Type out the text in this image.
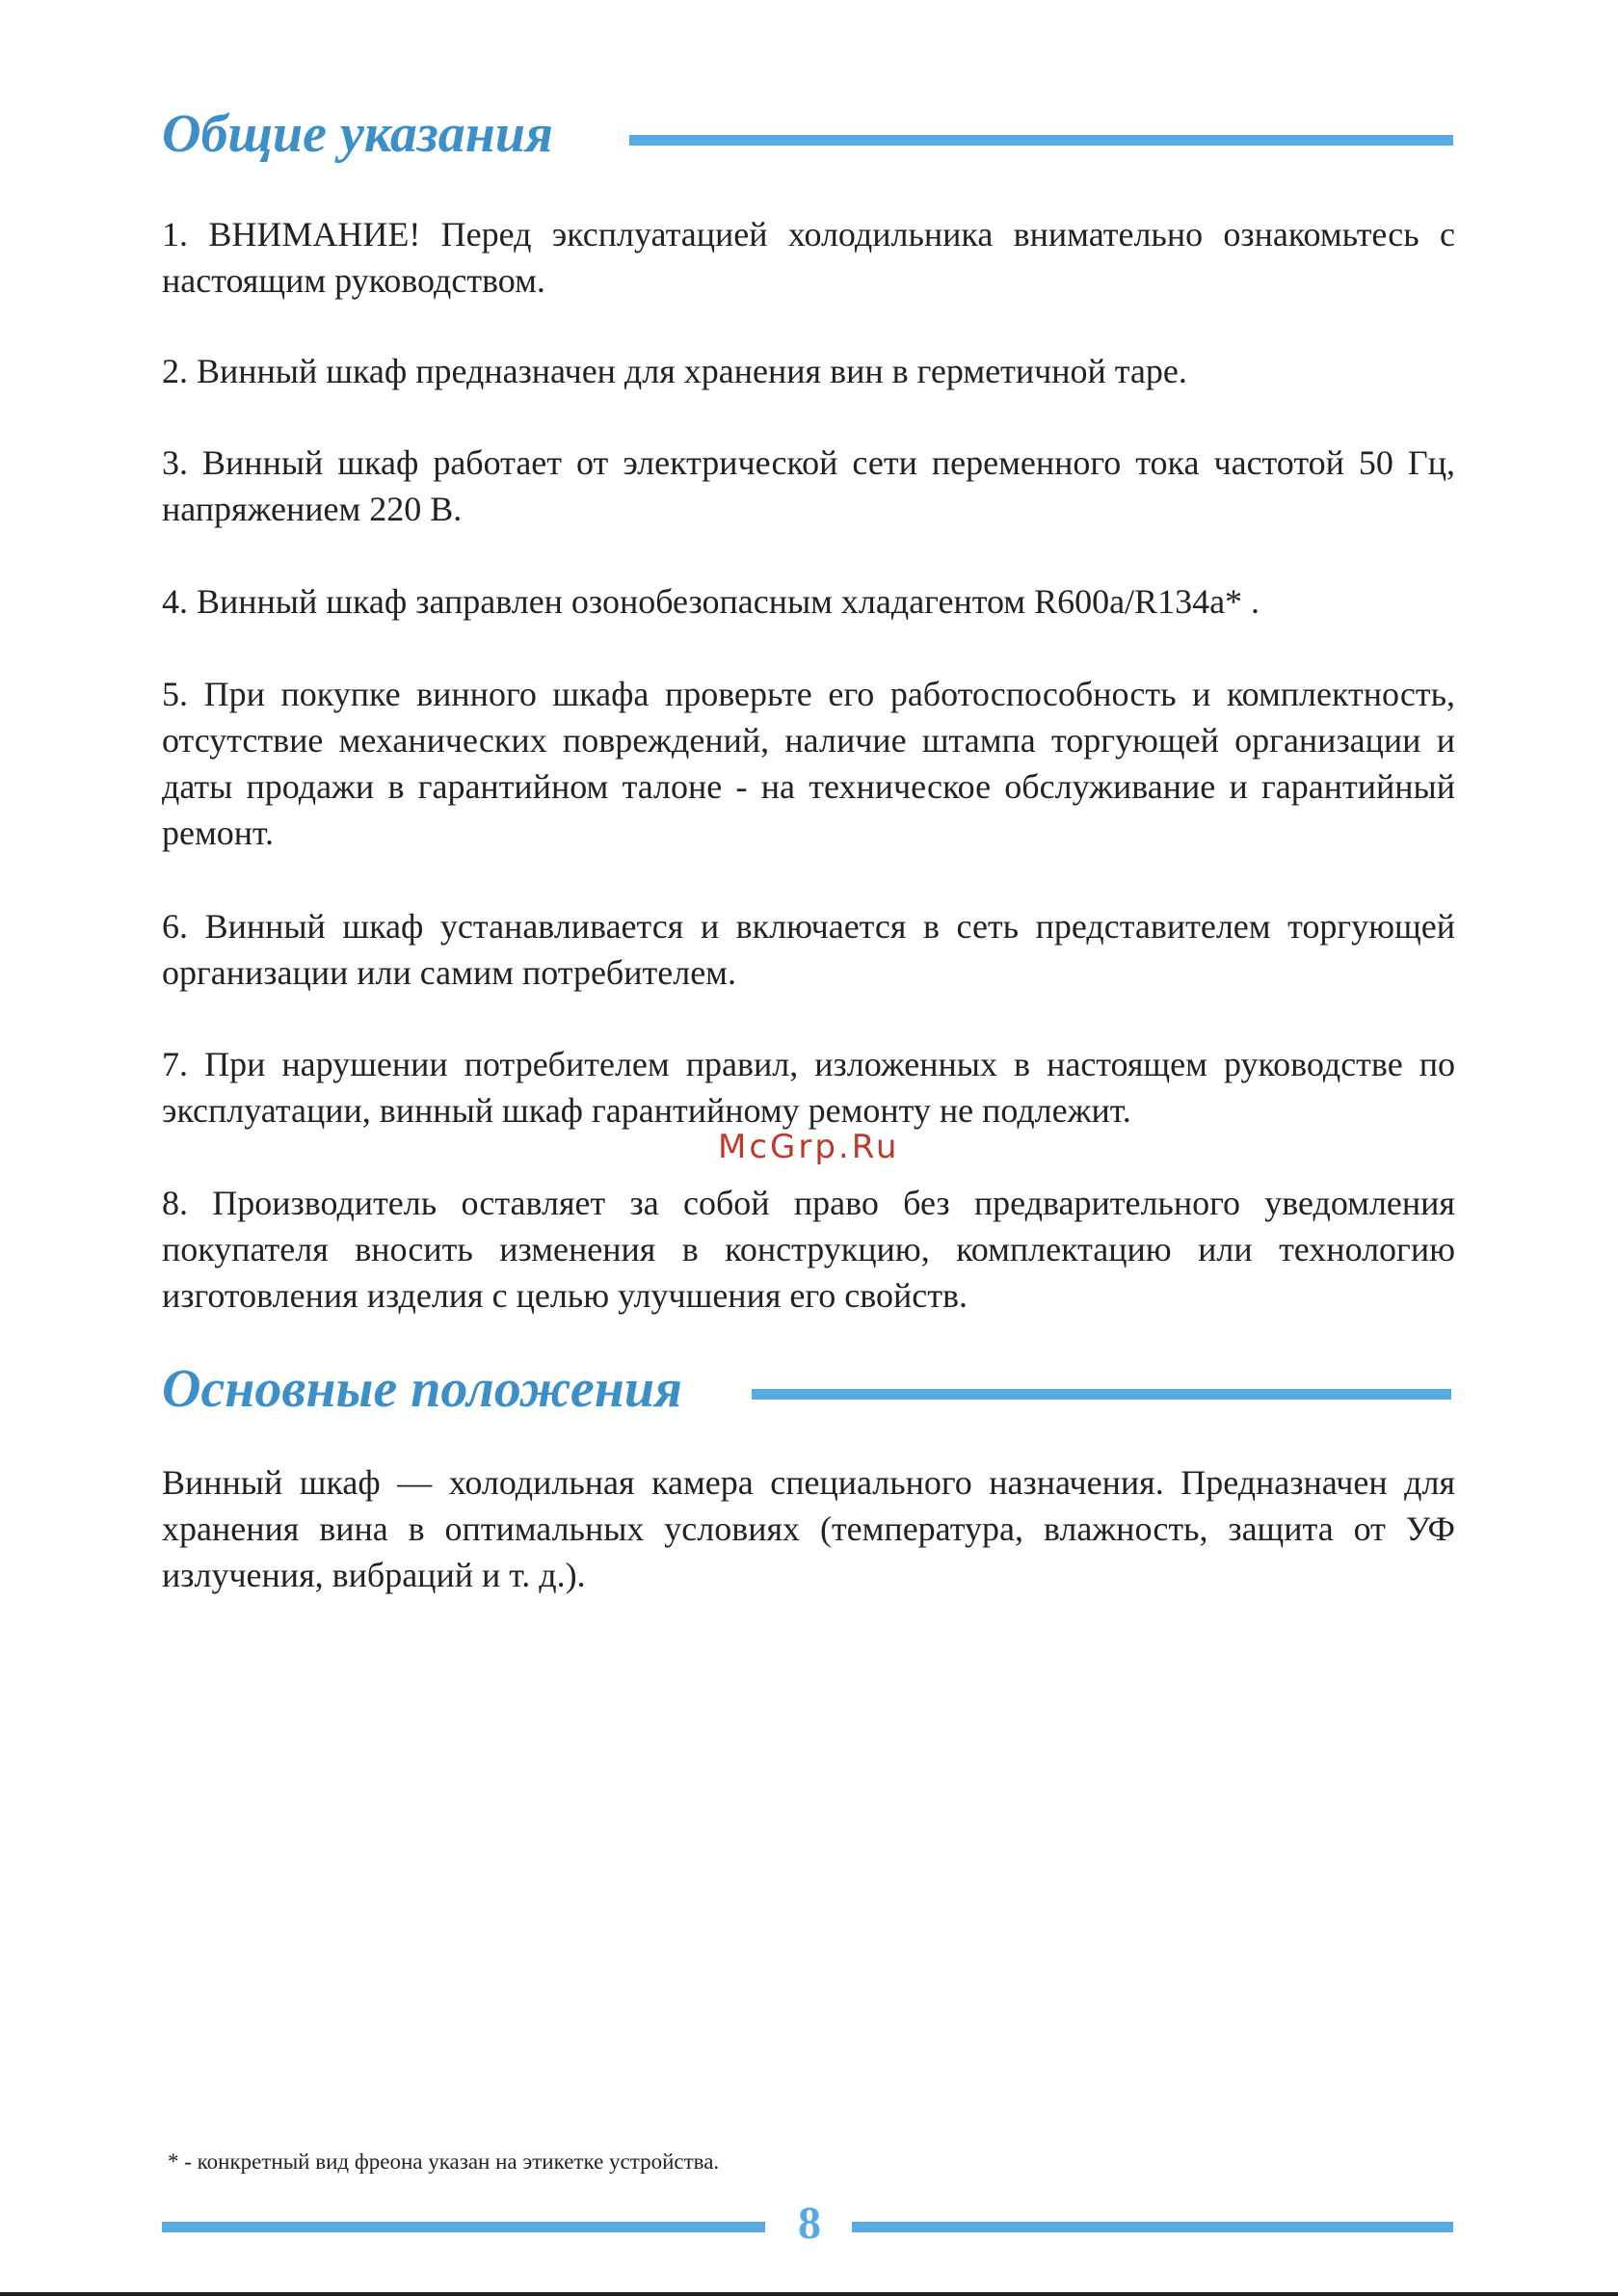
Общие указания
1. ВНИМАНИЕ! Перед эксплуатацией холодильника внимательно ознакомьтесь с настоящим руководством.
2. Винный шкаф предназначен для хранения вин в герметичной таре.
3. Винный шкаф работает от электрической сети переменного тока частотой 50 Гц, напряжением 220 В.
4. Винный шкаф заправлен озонобезопасным хладагентом R600a/R134a* .
5. При покупке винного шкафа проверьте его работоспособность и комплектность, отсутствие механических повреждений, наличие штампа торгующей организации и даты продажи в гарантийном талоне - на техническое обслуживание и гарантийный ремонт.
6. Винный шкаф устанавливается и включается в сеть представителем торгующей организации или самим потребителем.
7. При нарушении потребителем правил, изложенных в настоящем руководстве по эксплуатации, винный шкаф гарантийному ремонту не подлежит.
McGrp.Ru
8. Производитель оставляет за собой право без предварительного уведомления покупателя вносить изменения в конструкцию, комплектацию или технологию изготовления изделия с целью улучшения его свойств.
Основные положения
Винный шкаф — холодильная камера специального назначения. Предназначен для хранения вина в оптимальных условиях (температура, влажность, защита от УФ излучения, вибраций и т. д.).
* - конкретный вид фреона указан на этикетке устройства.
8
